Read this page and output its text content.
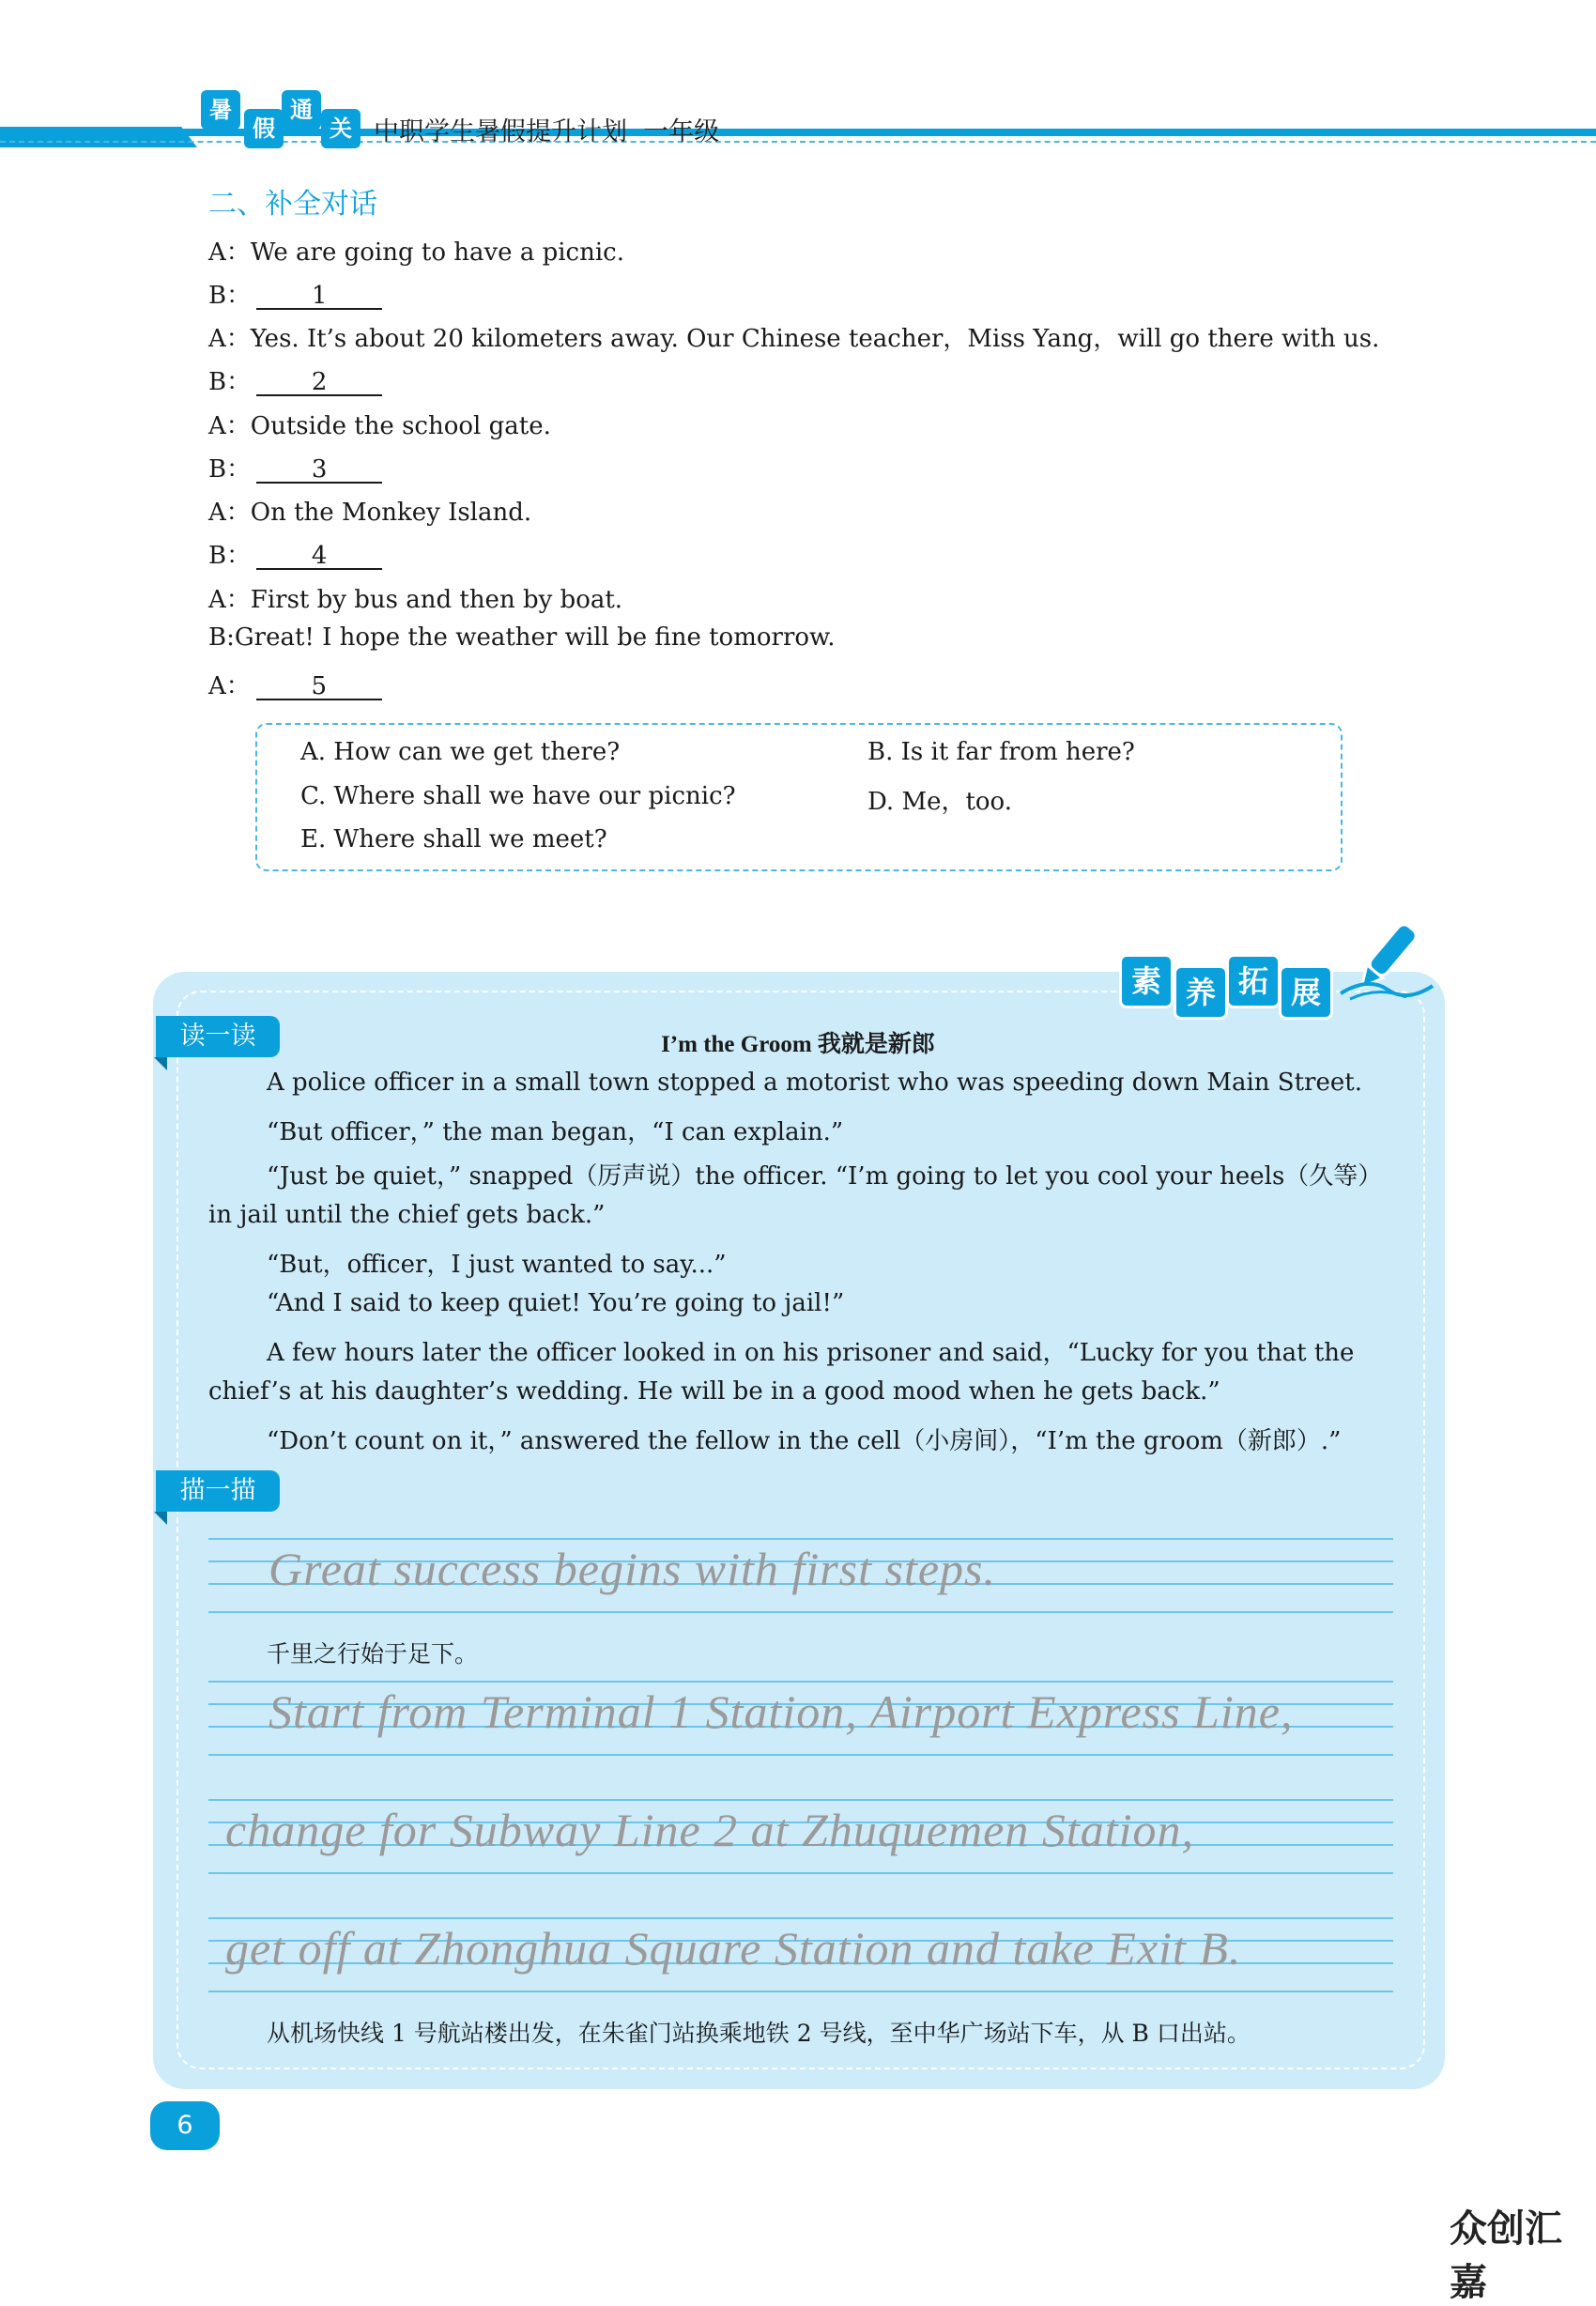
暑
假
通
关 中职学生暑假提升计划  一年级
二、补全对话
A：We are going to have a picnic.
B： 1
A：Yes. It’s about 20 kilometers away. Our Chinese teacher，Miss Yang，will go there with us.
B： 2
A：Outside the school gate.
B： 3
A：On the Monkey Island.
B： 4
A：First by bus and then by boat.
B:Great! I hope the weather will be fine tomorrow.
A： 5
A. How can we get there?	B. Is it far from here?
C. Where shall we have our picnic?	D. Me，too.
E. Where shall we meet?
素 养 拓 展
读一读	I’m the Groom 我就是新郎
A police officer in a small town stopped a motorist who was speeding down Main Street.
“But officer，” the man began，“I can explain.”
“Just be quiet，” snapped（厉声说）the officer. “I’m going to let you cool your heels（久等）
in jail until the chief gets back.”
“But，officer，I just wanted to say...”
“And I said to keep quiet! You’re going to jail!”
A few hours later the officer looked in on his prisoner and said，“Lucky for you that the
chief’s at his daughter’s wedding. He will be in a good mood when he gets back.”
“Don’t count on it，” answered the fellow in the cell（小房间），“I’m the groom（新郎）.”
描一描
Great success begins with first steps.
千里之行始于足下。
Start from Terminal 1 Station, Airport Express Line,
change for Subway Line 2 at Zhuquemen Station,
get off at Zhonghua Square Station and take Exit B.
从机场快线 1 号航站楼出发，在朱雀门站换乘地铁 2 号线，至中华广场站下车，从 B 口出站。
6
众创汇嘉
